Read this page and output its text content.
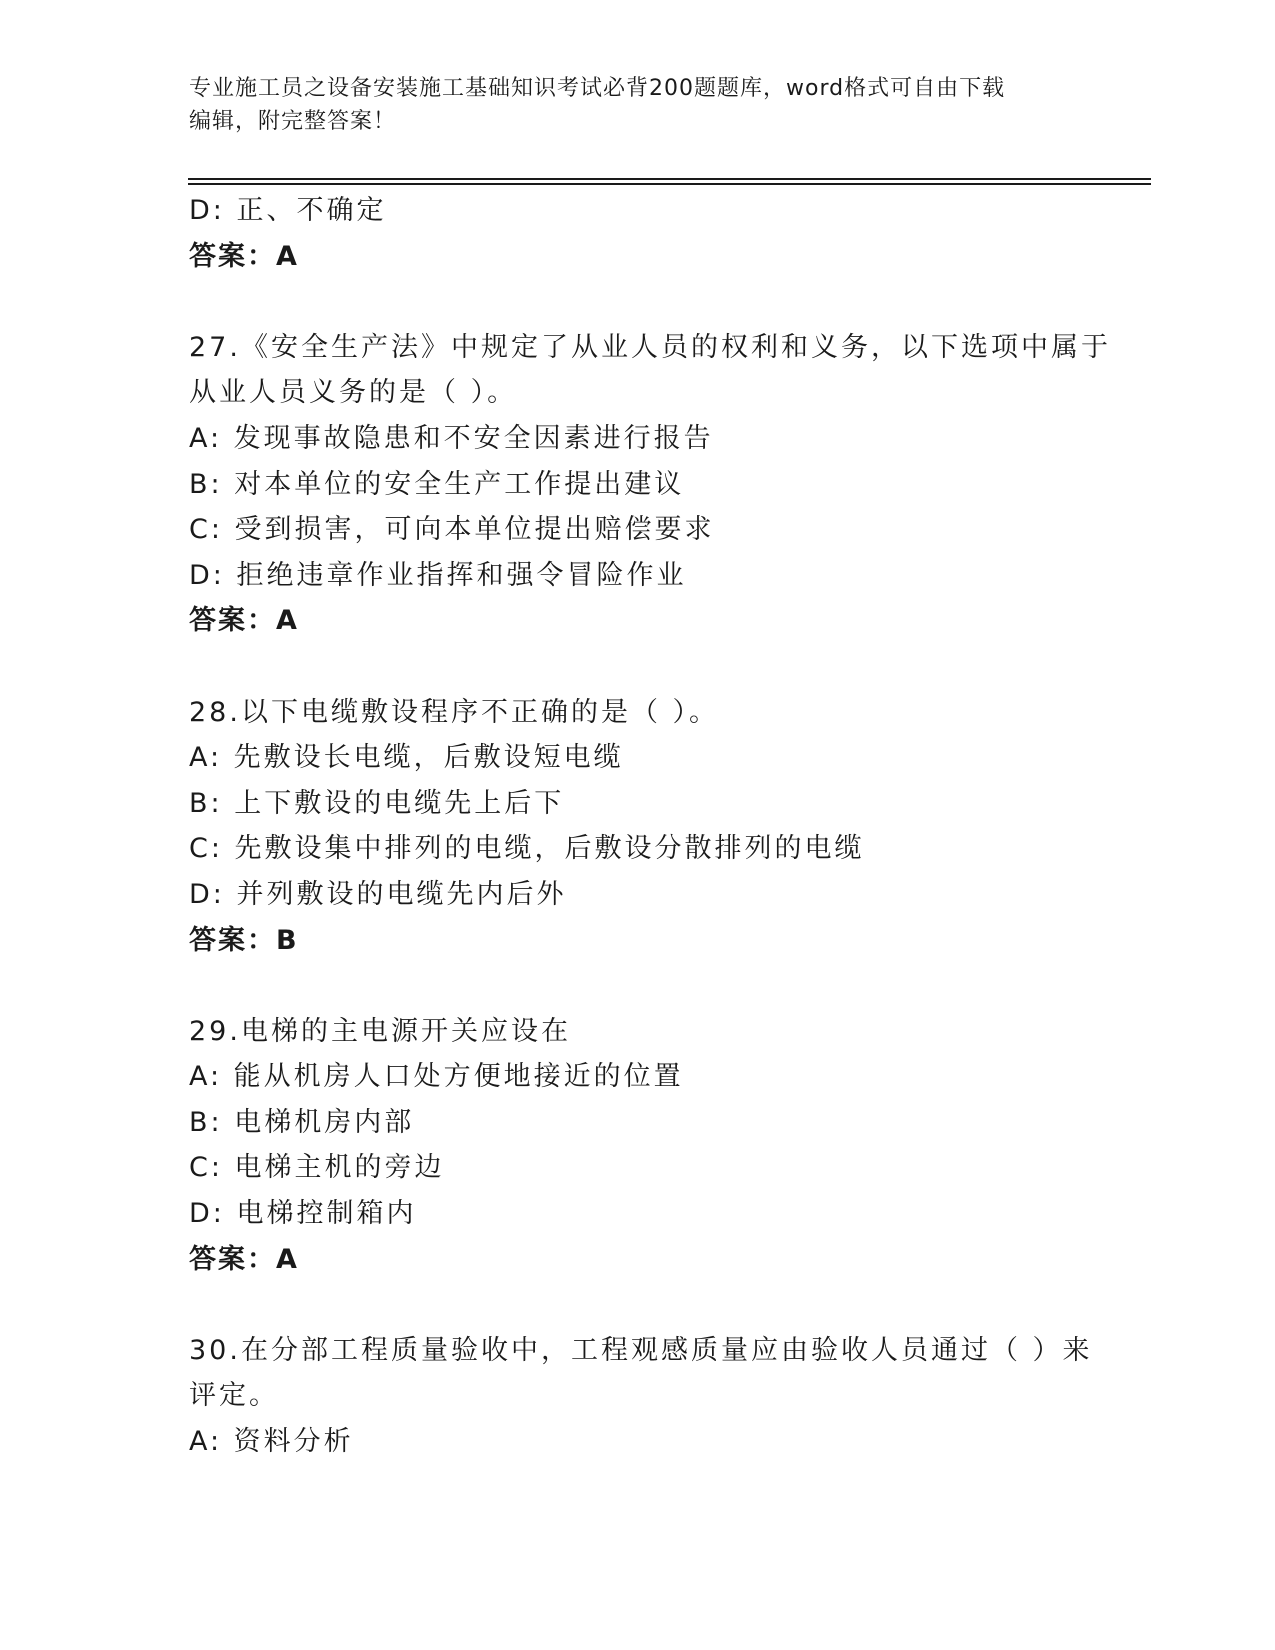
专业施工员之设备安装施工基础知识考试必背200题题库，word格式可自由下载
编辑，附完整答案！
D: 正、不确定
答案：A
27.《安全生产法》中规定了从业人员的权利和义务，以下选项中属于
从业人员义务的是（ ）。
A: 发现事故隐患和不安全因素进行报告
B: 对本单位的安全生产工作提出建议
C: 受到损害，可向本单位提出赔偿要求
D: 拒绝违章作业指挥和强令冒险作业
答案：A
28.以下电缆敷设程序不正确的是（ ）。
A: 先敷设长电缆，后敷设短电缆
B: 上下敷设的电缆先上后下
C: 先敷设集中排列的电缆，后敷设分散排列的电缆
D: 并列敷设的电缆先内后外
答案：B
29.电梯的主电源开关应设在
A: 能从机房人口处方便地接近的位置
B: 电梯机房内部
C: 电梯主机的旁边
D: 电梯控制箱内
答案：A
30.在分部工程质量验收中，工程观感质量应由验收人员通过（ ）来
评定。
A: 资料分析
